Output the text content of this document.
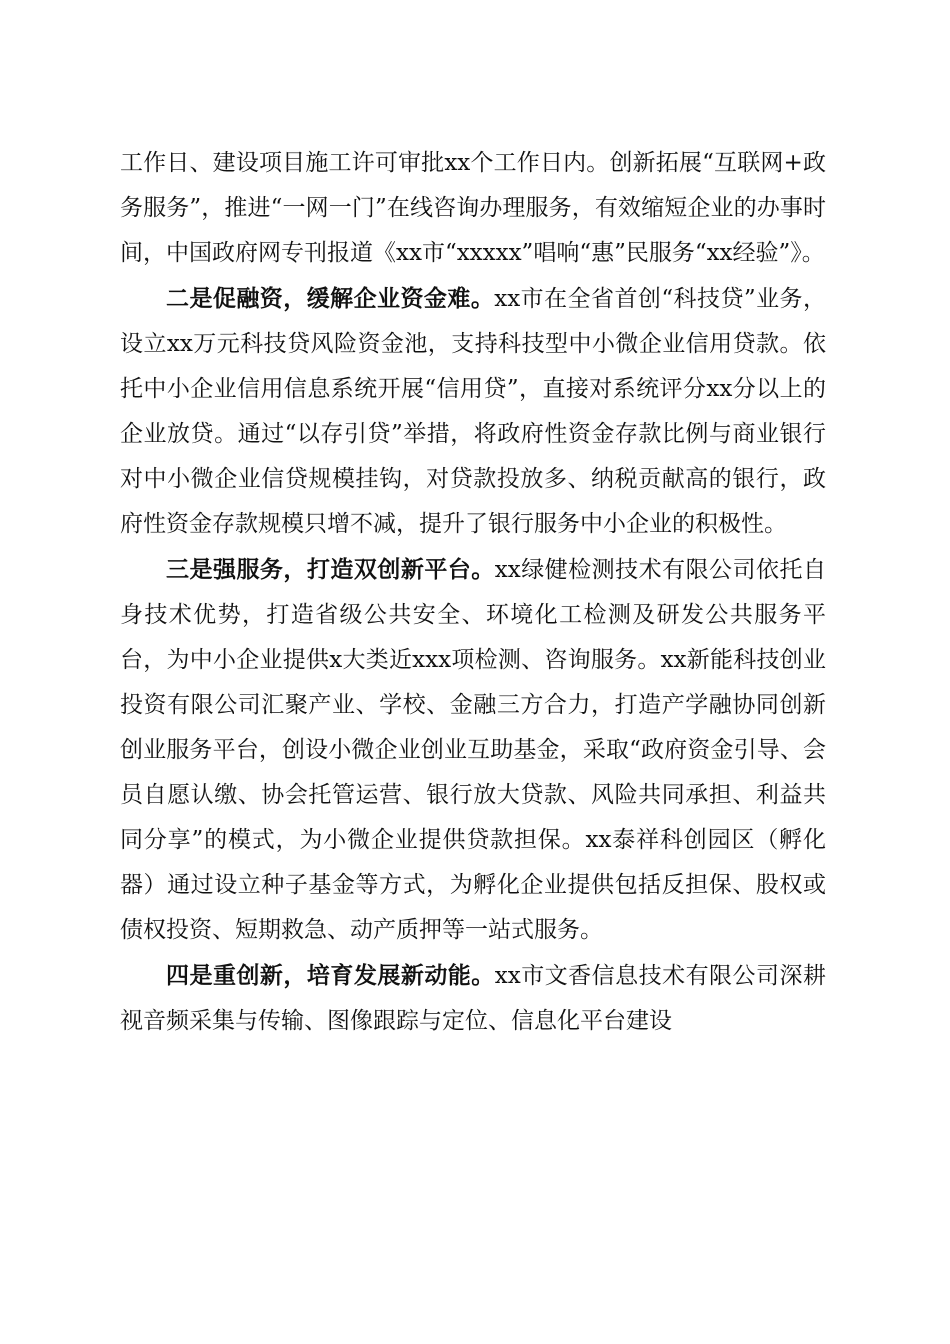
工作日、建设项目施工许可审批xx个工作日内。创新拓展“互联网+政务服务”，推进“一网一门”在线咨询办理服务，有效缩短企业的办事时间，中国政府网专刊报道《xx市“xxxxx”唱响“惠”民服务“xx经验”》。

二是促融资，缓解企业资金难。xx市在全省首创“科技贷”业务，设立xx万元科技贷风险资金池，支持科技型中小微企业信用贷款。依托中小企业信用信息系统开展“信用贷”，直接对系统评分xx分以上的企业放贷。通过“以存引贷”举措，将政府性资金存款比例与商业银行对中小微企业信贷规模挂钩，对贷款投放多、纳税贡献高的银行，政府性资金存款规模只增不减，提升了银行服务中小企业的积极性。

三是强服务，打造双创新平台。xx绿健检测技术有限公司依托自身技术优势，打造省级公共安全、环境化工检测及研发公共服务平台，为中小企业提供x大类近xxx项检测、咨询服务。xx新能科技创业投资有限公司汇聚产业、学校、金融三方合力，打造产学融协同创新创业服务平台，创设小微企业创业互助基金，采取“政府资金引导、会员自愿认缴、协会托管运营、银行放大贷款、风险共同承担、利益共同分享”的模式，为小微企业提供贷款担保。xx泰祥科创园区（孵化器）通过设立种子基金等方式，为孵化企业提供包括反担保、股权或债权投资、短期救急、动产质押等一站式服务。

四是重创新，培育发展新动能。xx市文香信息技术有限公司深耕视音频采集与传输、图像跟踪与定位、信息化平台建设
